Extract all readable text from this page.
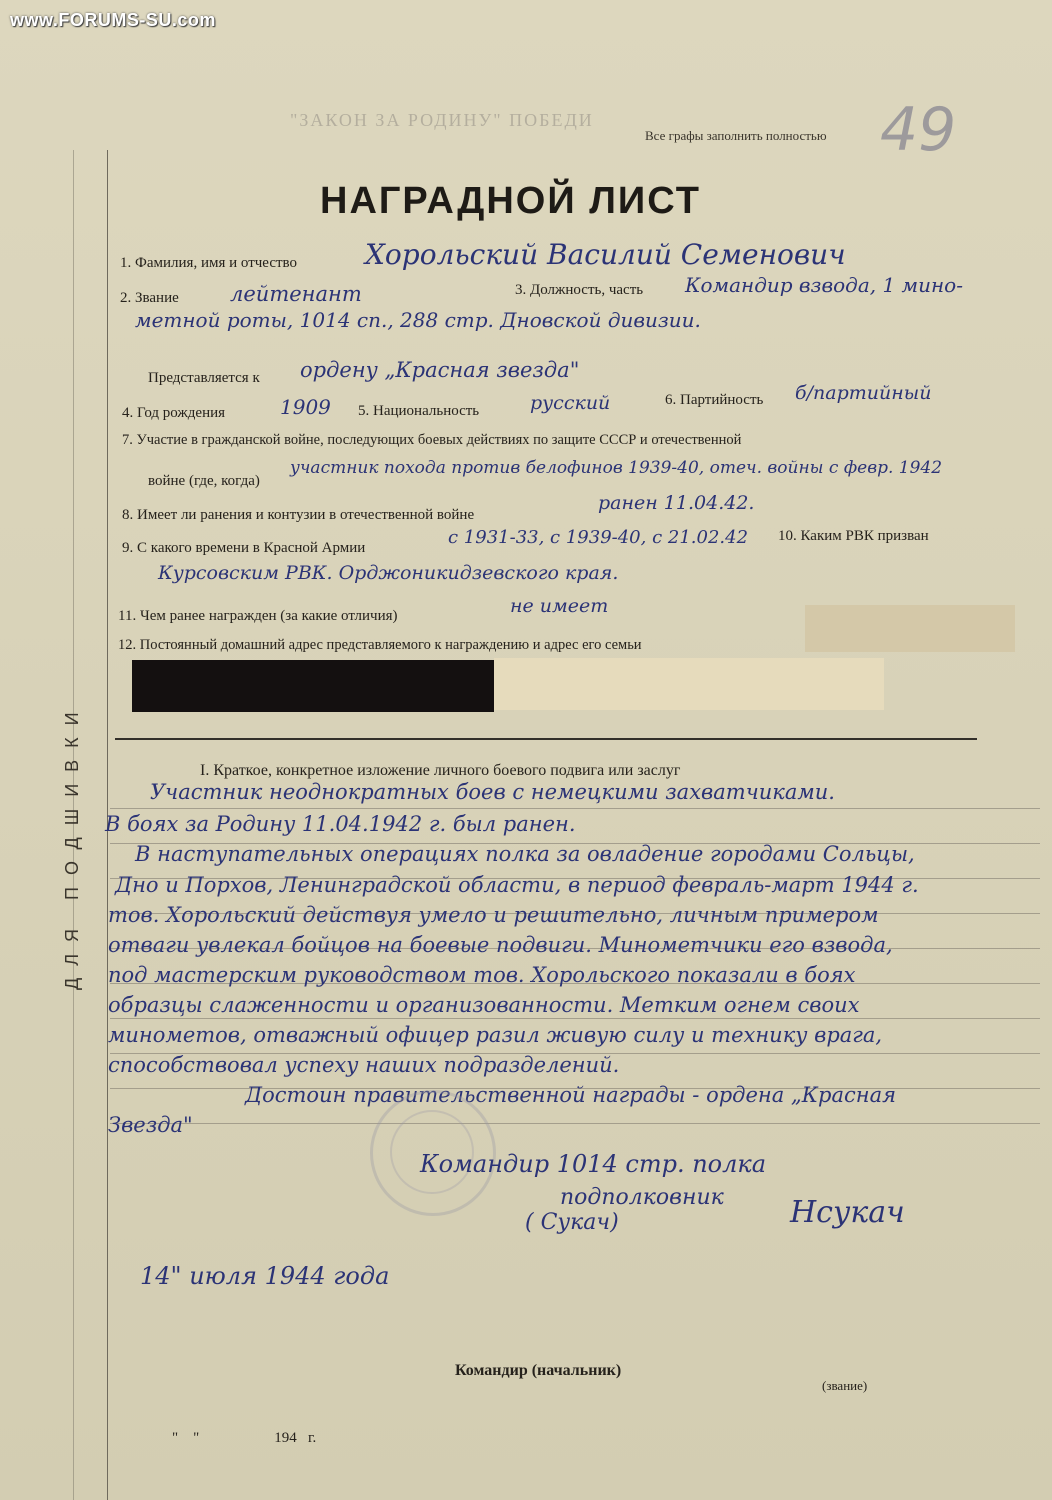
www.FORUMS-SU.com
"ЗАКОН ЗА РОДИНУ" ПОБЕДИ
Все графы заполнить полностью 49
ДЛЯ ПОДШИВКИ
НАГРАДНОЙ ЛИСТ
1. Фамилия, имя и отчество Хорольский Василий Семенович
2. Звание лейтенант	3. Должность, часть Командир взвода, 1 мино-
метной роты, 1014 сп., 288 стр. Дновской дивизии.
Представляется к ордену „Красная звезда"
4. Год рождения	1909 5. Национальность	русский	6. Партийность б/партийный
7. Участие в гражданской войне, последующих боевых действиях по защите СССР и отечественной
войне (где, когда)
участник похода против белофинов 1939-40, отеч. войны с февр. 1942
8. Имеет ли ранения и контузии в отечественной войне
ранен 11.04.42.
9. С какого времени в Красной Армии	с 1931-33, с 1939-40, с 21.02.42 10. Каким РВК призван
Курсовским РВК. Орджоникидзевского края.
11. Чем ранее награжден (за какие отличия)	не имеет
12. Постоянный домашний адрес представляемого к награждению и адрес его семьи
I. Краткое, конкретное изложение личного боевого подвига или заслуг
Участник неоднократных боев с немецкими захватчиками.
В боях за Родину 11.04.1942 г. был ранен.
В наступательных операциях полка за овладение городами Сольцы,
Дно и Порхов, Ленинградской области, в период февраль-март 1944 г.
тов. Хорольский действуя умело и решительно, личным примером
отваги увлекал бойцов на боевые подвиги. Минометчики его взвода,
под мастерским руководством тов. Хорольского показали в боях
образцы слаженности и организованности. Метким огнем своих
минометов, отважный офицер разил живую силу и технику врага,
способствовал успеху наших подразделений.
Достоин правительственной награды - ордена „Красная
Звезда"
Командир 1014 стр. полка
подполковник
( Сукач)	Нсукач
14" июля 1944 года
Командир (начальник)
(звание)
"    "                    194   г.
